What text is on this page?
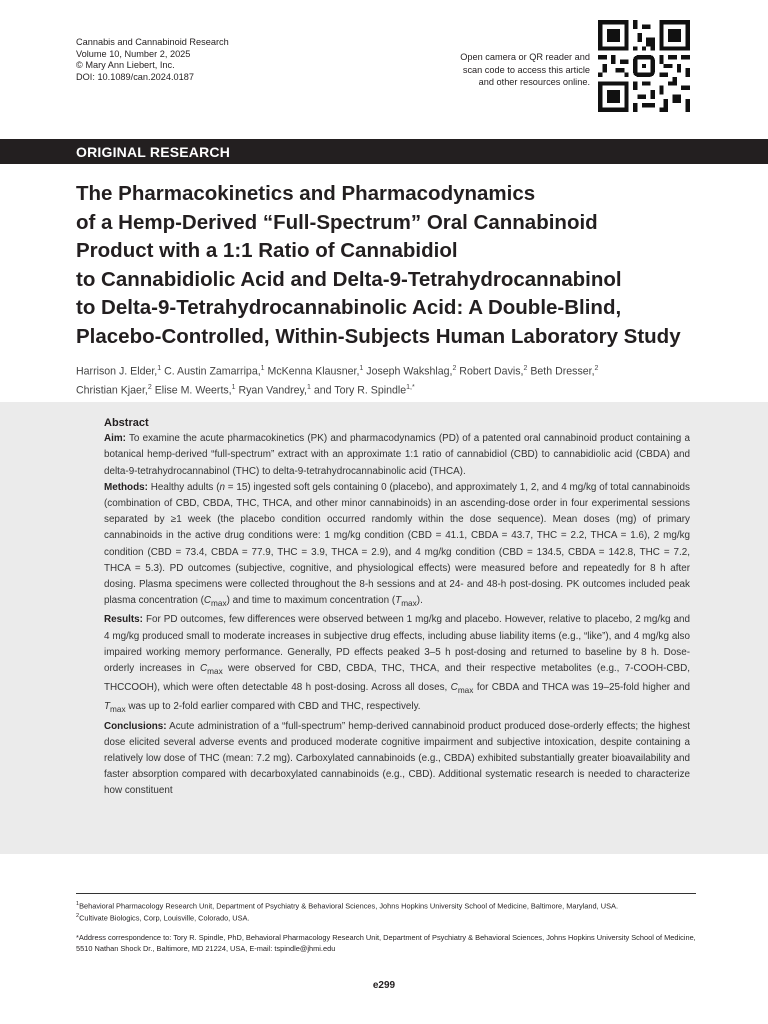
Cannabis and Cannabinoid Research
Volume 10, Number 2, 2025
© Mary Ann Liebert, Inc.
DOI: 10.1089/can.2024.0187
Open camera or QR reader and
scan code to access this article
and other resources online.
ORIGINAL RESEARCH
The Pharmacokinetics and Pharmacodynamics
of a Hemp-Derived “Full-Spectrum” Oral Cannabinoid
Product with a 1:1 Ratio of Cannabidiol
to Cannabidiolic Acid and Delta-9-Tetrahydrocannabinol
to Delta-9-Tetrahydrocannabinolic Acid: A Double-Blind,
Placebo-Controlled, Within-Subjects Human Laboratory Study
Harrison J. Elder,$^1$ C. Austin Zamarripa,$^1$ McKenna Klausner,$^1$ Joseph Wakshlag,$^2$ Robert Davis,$^2$ Beth Dresser,$^2$
Christian Kjaer,$^2$ Elise M. Weerts,$^1$ Ryan Vandrey,$^1$ and Tory R. Spindle$^{1,*}$

Abstract

Aim: To examine the acute pharmacokinetics (PK) and pharmacodynamics (PD) of a patented oral cannabinoid product containing a botanical hemp-derived “full-spectrum” extract with an approximate 1:1 ratio of cannabidiol (CBD) to cannabidiolic acid (CBDA) and delta-9-tetrahydrocannabinol (THC) to delta-9-tetrahydrocannabinolic acid (THCA).

Methods: Healthy adults (n = 15) ingested soft gels containing 0 (placebo), and approximately 1, 2, and 4 mg/kg of total cannabinoids (combination of CBD, CBDA, THC, THCA, and other minor cannabinoids) in an ascending-dose order in four experimental sessions separated by ≥1 week (the placebo condition occurred randomly within the dose sequence). Mean doses (mg) of primary cannabinoids in the active drug conditions were: 1 mg/kg condition (CBD = 41.1, CBDA = 43.7, THC = 2.2, THCA = 1.6), 2 mg/kg condition (CBD = 73.4, CBDA = 77.9, THC = 3.9, THCA = 2.9), and 4 mg/kg condition (CBD = 134.5, CBDA = 142.8, THC = 7.2, THCA = 5.3). PD outcomes (subjective, cognitive, and physiological effects) were measured before and repeatedly for 8 h after dosing. Plasma specimens were collected throughout the 8-h sessions and at 24- and 48-h post-dosing. PK outcomes included peak plasma concentration $(C_{max})$ and time to maximum concentration $(T_{max})$.

Results: For PD outcomes, few differences were observed between 1 mg/kg and placebo. However, relative to placebo, 2 mg/kg and 4 mg/kg produced small to moderate increases in subjective drug effects, including abuse liability items (e.g., “like”), and 4 mg/kg also impaired working memory performance. Generally, PD effects peaked 3–5 h post-dosing and returned to baseline by 8 h. Dose-orderly increases in $C_{max}$ were observed for CBD, CBDA, THC, THCA, and their respective metabolites (e.g., 7-COOH-CBD, THCCOOH), which were often detectable 48 h post-dosing. Across all doses, $C_{max}$ for CBDA and THCA was 19–25-fold higher and $T_{max}$ was up to 2-fold earlier compared with CBD and THC, respectively.

Conclusions: Acute administration of a “full-spectrum” hemp-derived cannabinoid product produced dose-orderly effects; the highest dose elicited several adverse events and produced moderate cognitive impairment and subjective intoxication, despite containing a relatively low dose of THC (mean: 7.2 mg). Carboxylated cannabinoids (e.g., CBDA) exhibited substantially greater bioavailability and faster absorption compared with decarboxylated cannabinoids (e.g., CBD). Additional systematic research is needed to characterize how constituent

$^1$Behavioral Pharmacology Research Unit, Department of Psychiatry & Behavioral Sciences, Johns Hopkins University School of Medicine, Baltimore, Maryland, USA.

$^2$Cultivate Biologics, Corp, Louisville, Colorado, USA.

*Address correspondence to: Tory R. Spindle, PhD, Behavioral Pharmacology Research Unit, Department of Psychiatry & Behavioral Sciences, Johns Hopkins University School of Medicine, 5510 Nathan Shock Dr., Baltimore, MD 21224, USA, E-mail: tspindle@jhmi.edu

e299
